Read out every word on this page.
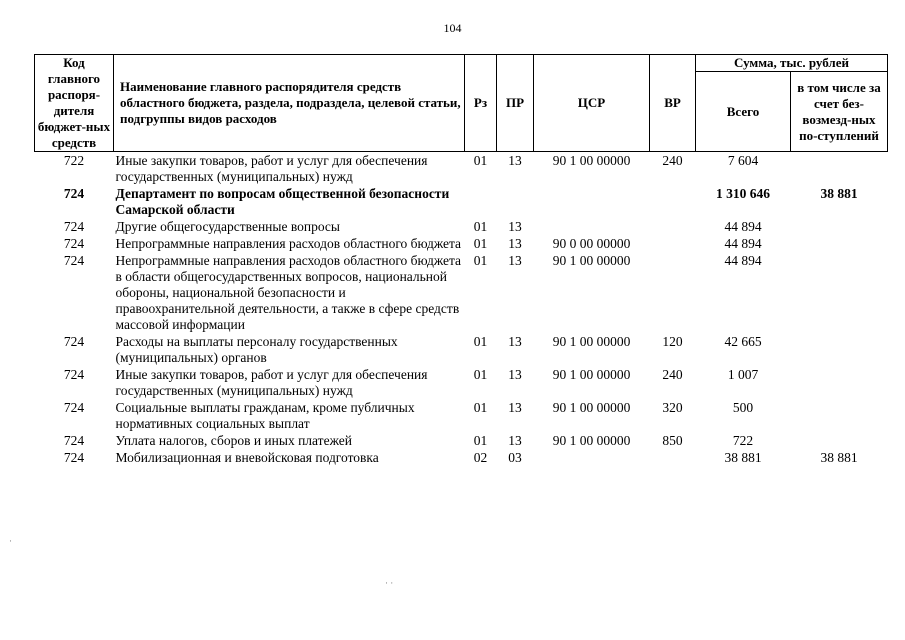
104
Код главного распоря-дителя бюджет-ных средств	Наименование главного распорядителя средств областного бюджета, раздела, подраздела, целевой статьи, подгруппы видов расходов	Рз	ПР	ЦСР	ВР	Сумма, тыс. рублей	
						Всего	в том числе за счет без-возмезд-ных по-ступлений
722	Иные закупки товаров, работ и услуг для обеспечения государственных (муниципальных) нужд	01	13	90 1 00 00000	240	7 604	
724	Департамент по вопросам общественной безопасности Самарской области					1 310 646	38 881
724	Другие общегосударственные вопросы	01	13			44 894	
724	Непрограммные направления расходов областного бюджета	01	13	90 0 00 00000		44 894	
724	Непрограммные направления расходов областного бюджета в области общегосударственных вопросов, национальной обороны, национальной безопасности и правоохранительной деятельности, а также в сфере средств массовой информации	01	13	90 1 00 00000		44 894	
724	Расходы на выплаты персоналу государственных (муниципальных) органов	01	13	90 1 00 00000	120	42 665	
724	Иные закупки товаров, работ и услуг для обеспечения государственных (муниципальных) нужд	01	13	90 1 00 00000	240	1 007	
724	Социальные выплаты гражданам, кроме публичных нормативных социальных выплат	01	13	90 1 00 00000	320	500	
724	Уплата налогов, сборов и иных платежей	01	13	90 1 00 00000	850	722	
724	Мобилизационная и вневойсковая подготовка	02	03			38 881	38 881
·
· ·
